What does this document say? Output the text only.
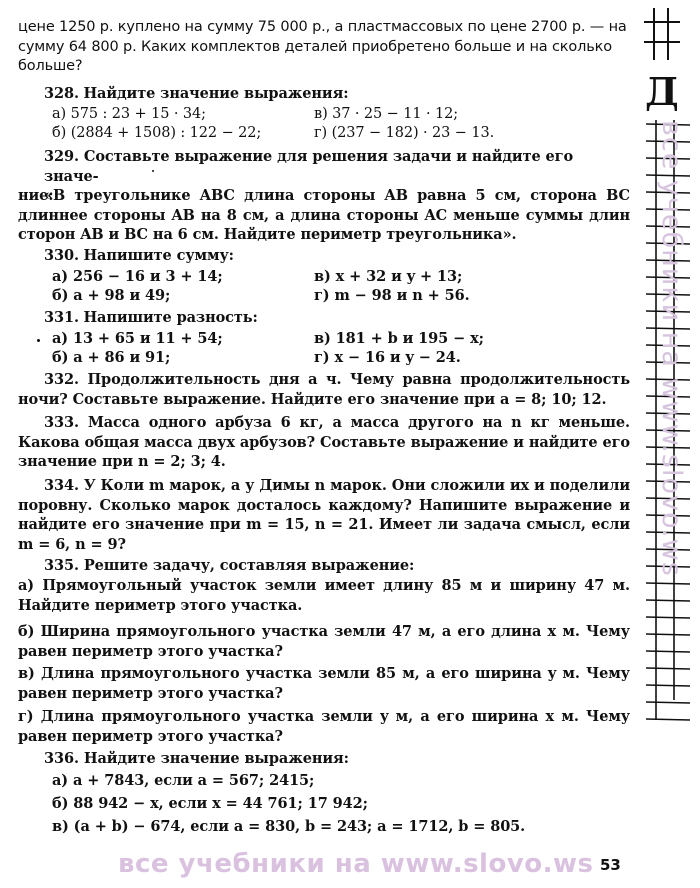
цене 1250 р. куплено на сумму 75 000 р., а пластмассовых по цене 2700 р. — на сумму 64 800 р. Каких комплектов деталей приобретено больше и на сколько больше?
328. Найдите значение выражения:
а) 575 : 23 + 15 · 34;	в) 37 · 25 − 11 · 12;
б) (2884 + 1508) : 122 − 22;	г) (237 − 182) · 23 − 13.
329. Составьте выражение для решения задачи и найдите его значе-
ние:
«В треугольнике ABC длина стороны AB равна 5 см, сторона BC длиннее стороны AB на 8 см, а длина стороны AC меньше суммы длин сторон AB и BC на 6 см. Найдите периметр треугольника».
330. Напишите сумму:
а) 256 − 16 и 3 + 14;	в) x + 32 и y + 13;
б) a + 98 и 49;	г) m − 98 и n + 56.
331. Напишите разность:
а) 13 + 65 и 11 + 54;	в) 181 + b и 195 − x;
б) a + 86 и 91;	г) x − 16 и y − 24.
332. Продолжительность дня a ч. Чему равна продолжительность ночи? Составьте выражение. Найдите его значение при a = 8; 10; 12.
333. Масса одного арбуза 6 кг, а масса другого на n кг меньше. Какова общая масса двух арбузов? Составьте выражение и найдите его значение при n = 2; 3; 4.
334. У Коли m марок, а у Димы n марок. Они сложили их и поделили поровну. Сколько марок досталось каждому? Напишите выражение и найдите его значение при m = 15, n = 21. Имеет ли задача смысл, если m = 6, n = 9?
335. Решите задачу, составляя выражение:
а) Прямоугольный участок земли имеет длину 85 м и ширину 47 м. Найдите периметр этого участка.
б) Ширина прямоугольного участка земли 47 м, а его длина x м. Чему равен периметр этого участка?
в) Длина прямоугольного участка земли 85 м, а его ширина y м. Чему равен периметр этого участка?
г) Длина прямоугольного участка земли y м, а его ширина x м. Чему равен периметр этого участка?
336. Найдите значение выражения:
а) a + 7843, если a = 567; 2415;
б) 88 942 − x, если x = 44 761; 17 942;
в) (a + b) − 674, если a = 830, b = 243; a = 1712, b = 805.
Д
все учебники на www.slovo.ws
все учебники на www.slovo.ws 53
